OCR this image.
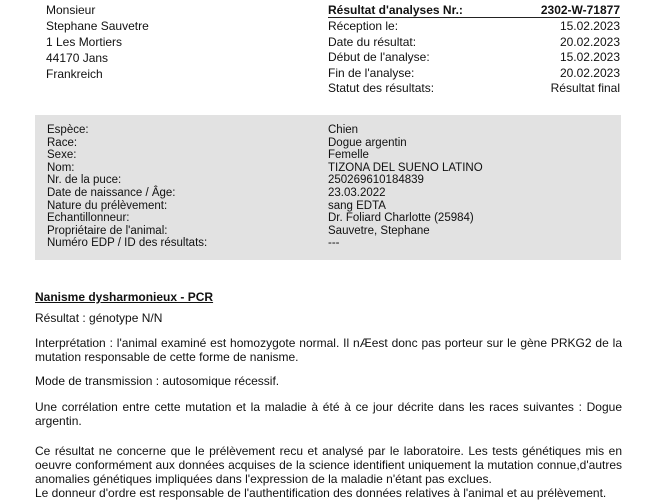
Monsieur
Stephane Sauvetre
1 Les Mortiers
44170 Jans
Frankreich
Résultat d'analyses Nr.:	2302-W-71877
Réception le:	15.02.2023
Date du résultat:	20.02.2023
Début de l'analyse:	15.02.2023
Fin de l'analyse:	20.02.2023
Statut des résultats:	Résultat final
Espèce:	Chien
Race:	Dogue argentin
Sexe:	Femelle
Nom:	TIZONA DEL SUENO LATINO
Nr. de la puce:	250269610184839
Date de naissance / Âge:	23.03.2022
Nature du prélèvement:	sang EDTA
Echantillonneur:	Dr. Foliard Charlotte (25984)
Propriétaire de l'animal:	Sauvetre, Stephane
Numéro EDP / ID des résultats:	---
Nanisme dysharmonieux - PCR
Résultat : génotype N/N
Interprétation : l'animal examiné est homozygote normal. Il nÆest donc pas porteur sur le gène PRKG2 de la mutation responsable de cette forme de nanisme.
Mode de transmission : autosomique récessif.
Une corrélation entre cette mutation et la maladie à été à ce jour décrite dans les races suivantes : Dogue argentin.
Ce résultat ne concerne que le prélèvement recu et analysé par le laboratoire. Les tests génétiques mis en oeuvre conformément aux données acquises de la science identifient uniquement la mutation connue,d'autres anomalies génétiques impliquées dans l'expression de la maladie n'étant pas exclues.
Le donneur d'ordre est responsable de l'authentification des données relatives à l'animal et au prélèvement.
